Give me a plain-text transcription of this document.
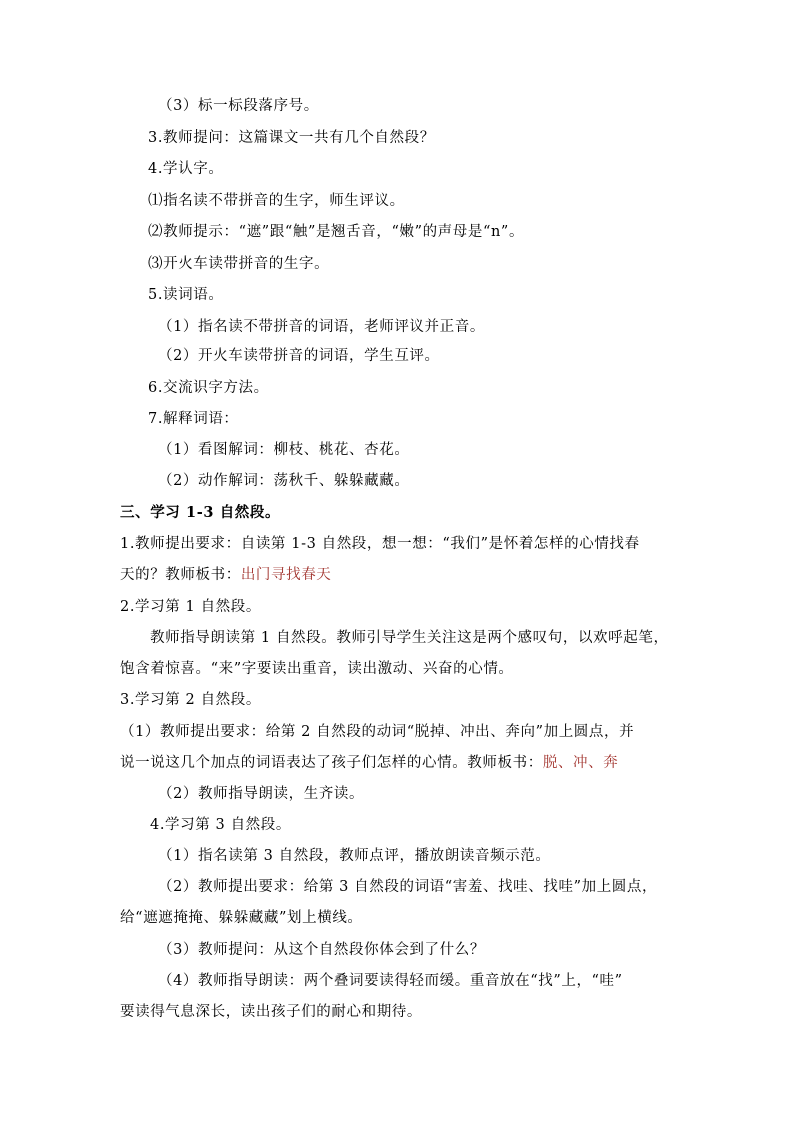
（3）标一标段落序号。
3.教师提问：这篇课文一共有几个自然段？
4.学认字。
⑴指名读不带拼音的生字，师生评议。
⑵教师提示：“遮”跟“触”是翘舌音，“嫩”的声母是“n”。
⑶开火车读带拼音的生字。
5.读词语。
（1）指名读不带拼音的词语，老师评议并正音。
（2）开火车读带拼音的词语，学生互评。
6.交流识字方法。
7.解释词语：
（1）看图解词：柳枝、桃花、杏花。
（2）动作解词：荡秋千、躲躲藏藏。
三、学习 1-3 自然段。
1.教师提出要求：自读第 1-3 自然段，想一想：“我们”是怀着怎样的心情找春
天的？教师板书：出门寻找春天
2.学习第 1 自然段。
教师指导朗读第 1 自然段。教师引导学生关注这是两个感叹句，以欢呼起笔，
饱含着惊喜。“来”字要读出重音，读出激动、兴奋的心情。
3.学习第 2 自然段。
（1）教师提出要求：给第 2 自然段的动词“脱掉、冲出、奔向”加上圆点，并
说一说这几个加点的词语表达了孩子们怎样的心情。教师板书：脱、冲、奔
（2）教师指导朗读，生齐读。
4.学习第 3 自然段。
（1）指名读第 3 自然段，教师点评，播放朗读音频示范。
（2）教师提出要求：给第 3 自然段的词语“害羞、找哇、找哇”加上圆点，
给“遮遮掩掩、躲躲藏藏”划上横线。
（3）教师提问：从这个自然段你体会到了什么？
（4）教师指导朗读：两个叠词要读得轻而缓。重音放在“找”上，“哇”
要读得气息深长，读出孩子们的耐心和期待。
